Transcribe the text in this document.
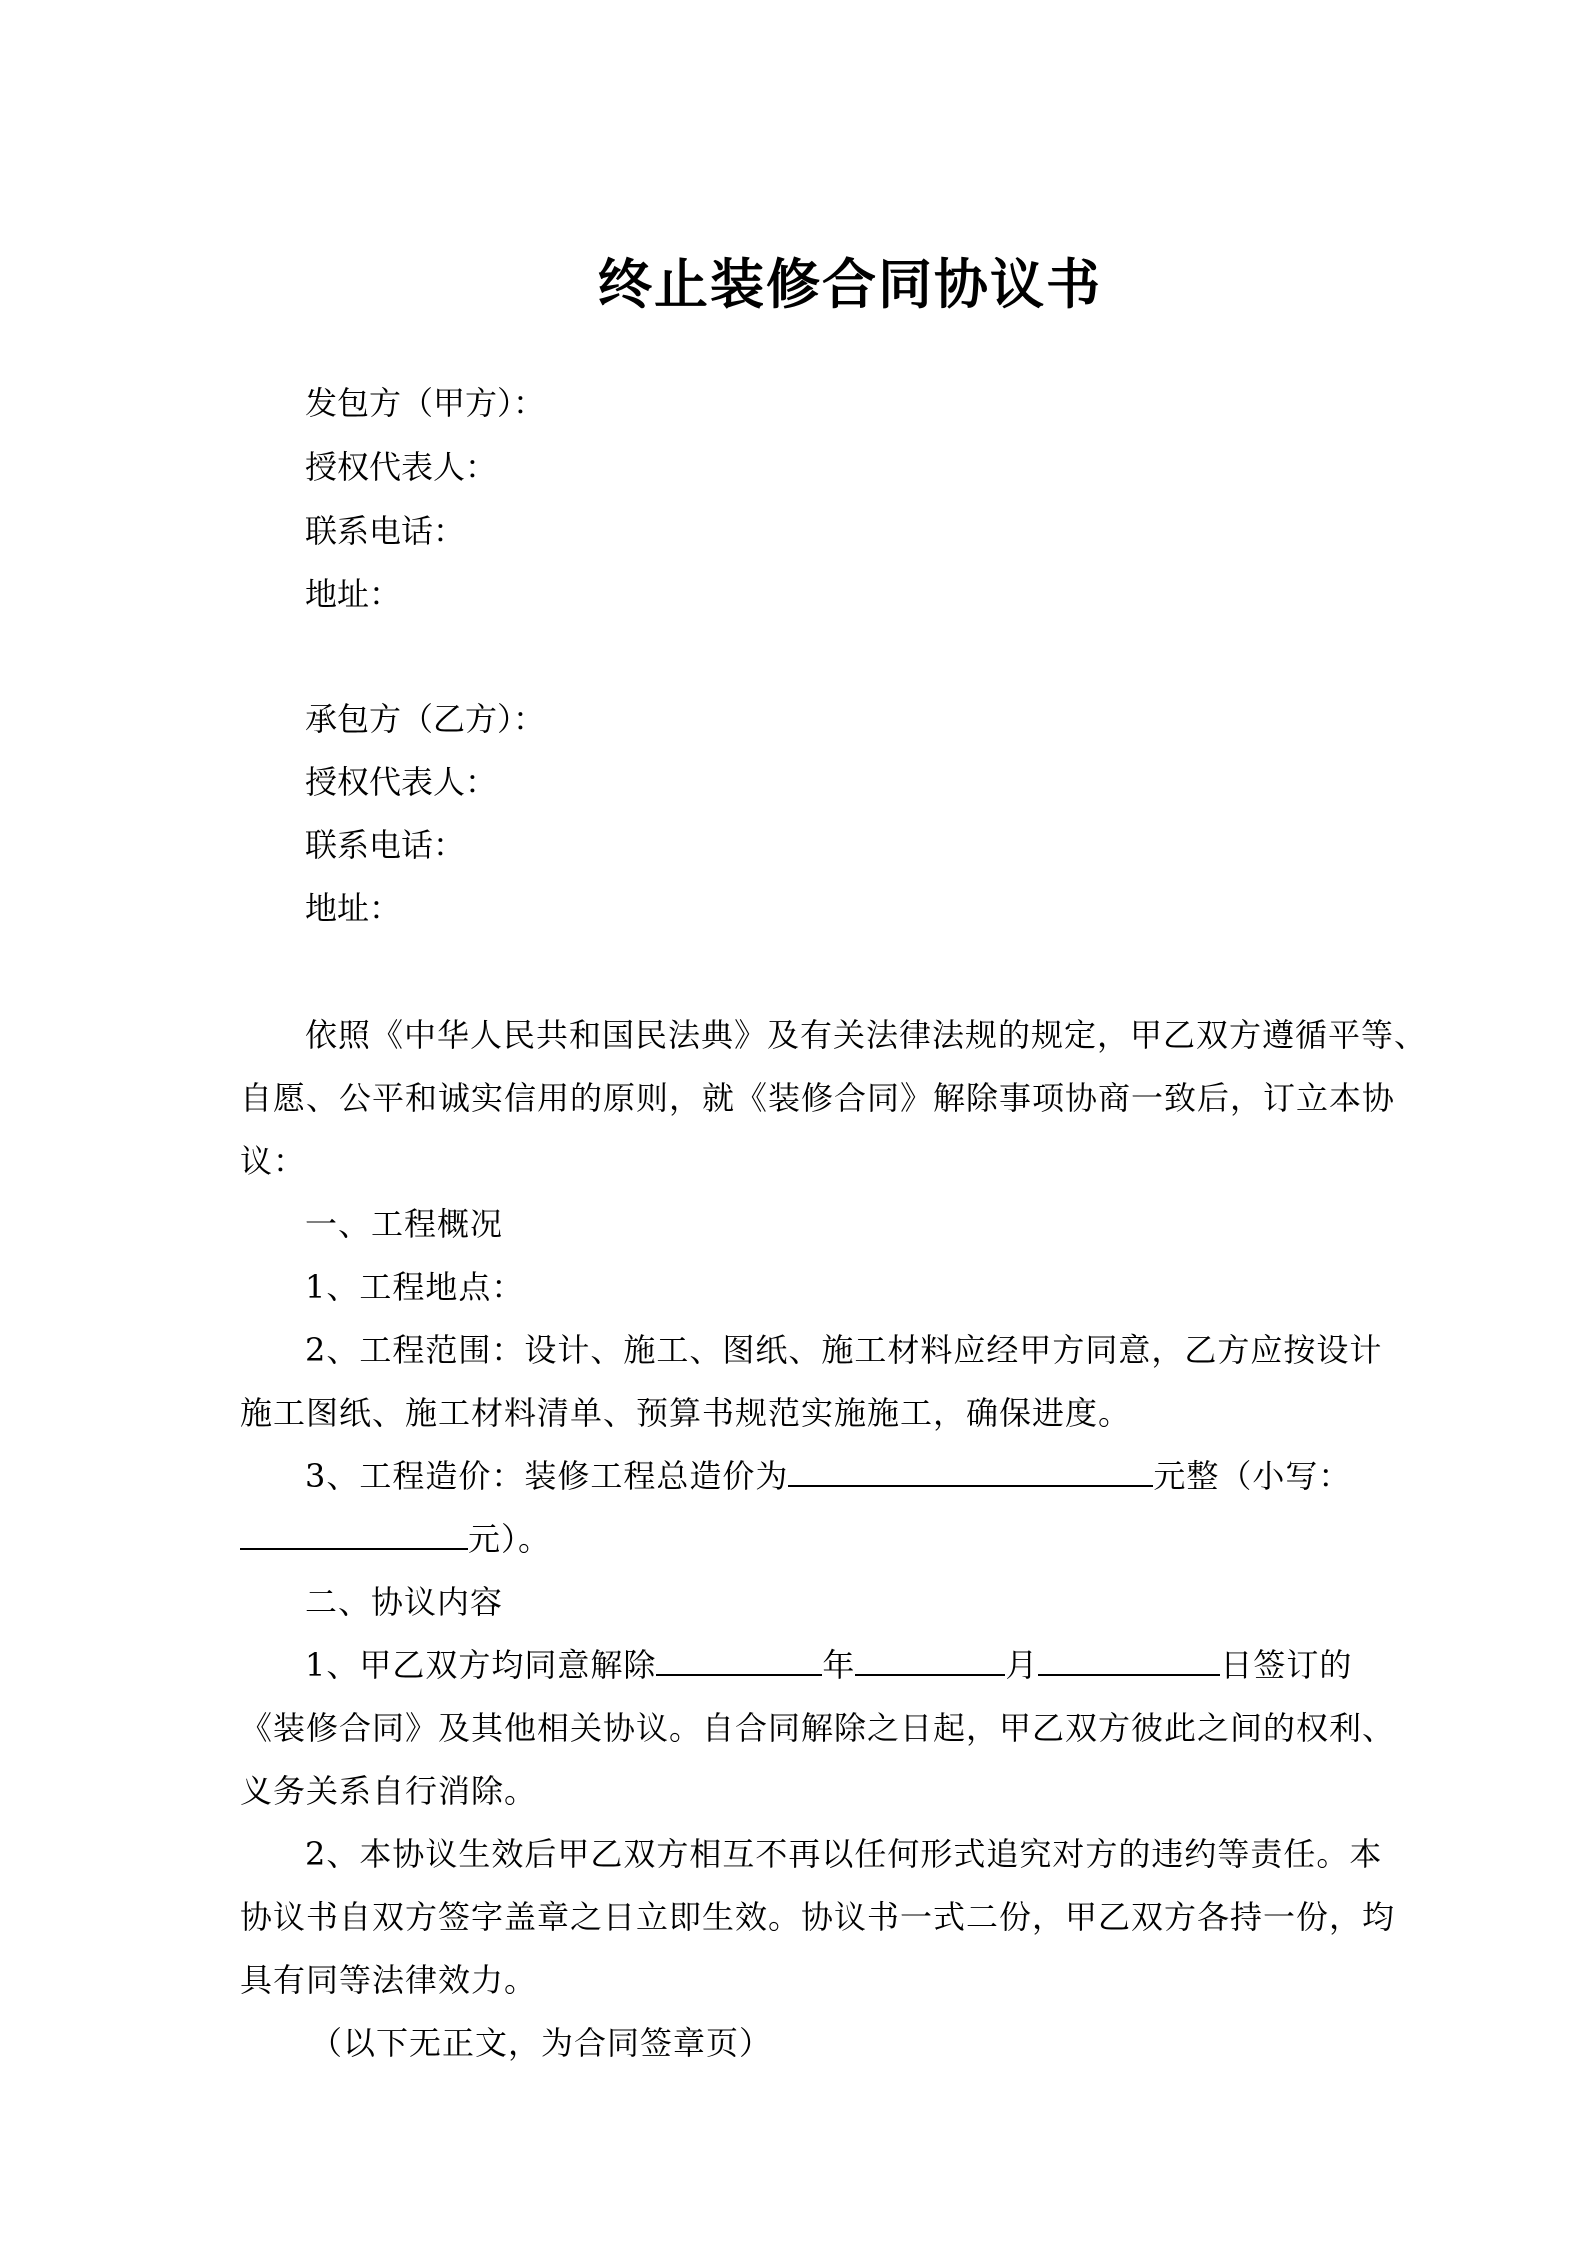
终止装修合同协议书
发包方（甲方）：
授权代表人：
联系电话：
地址：
承包方（乙方）：
授权代表人：
联系电话：
地址：
依照《中华人民共和国民法典》及有关法律法规的规定，甲乙双方遵循平等、
自愿、公平和诚实信用的原则，就《装修合同》解除事项协商一致后，订立本协
议：
一、工程概况
1、工程地点：
2、工程范围：设计、施工、图纸、施工材料应经甲方同意，乙方应按设计
施工图纸、施工材料清单、预算书规范实施施工，确保进度。
3、工程造价：装修工程总造价为	元整（小写：
元）。
二、协议内容
1、甲乙双方均同意解除	年	月	日签订的
《装修合同》及其他相关协议。自合同解除之日起，甲乙双方彼此之间的权利、
义务关系自行消除。
2、本协议生效后甲乙双方相互不再以任何形式追究对方的违约等责任。本
协议书自双方签字盖章之日立即生效。协议书一式二份，甲乙双方各持一份，均
具有同等法律效力。
（以下无正文，为合同签章页）
